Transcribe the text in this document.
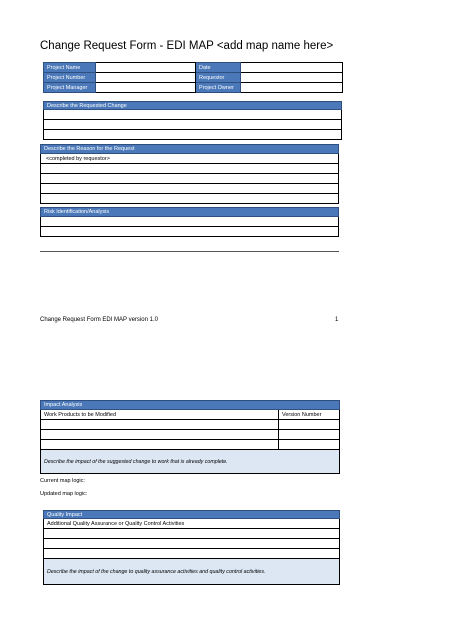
Change Request Form - EDI MAP <add map name here>
Project Name		Date	
Project Number		Requestor	
Project Manager		Project Owner	
Describe the Requested Change

Describe the Reason for the Request
<completed by requestor>

Risk Identification/Analysis

Change Request Form EDI MAP version 1.0	1
Impact Analysis	
Work Products to be Modified	Version Number

Describe the impact of the suggested change to work that is already complete.	
Current map logic:
Updated map logic:
Quality Impact
Additional Quality Assurance or Quality Control Activities

Describe the impact of the change to quality assurance activities and quality control activities.
